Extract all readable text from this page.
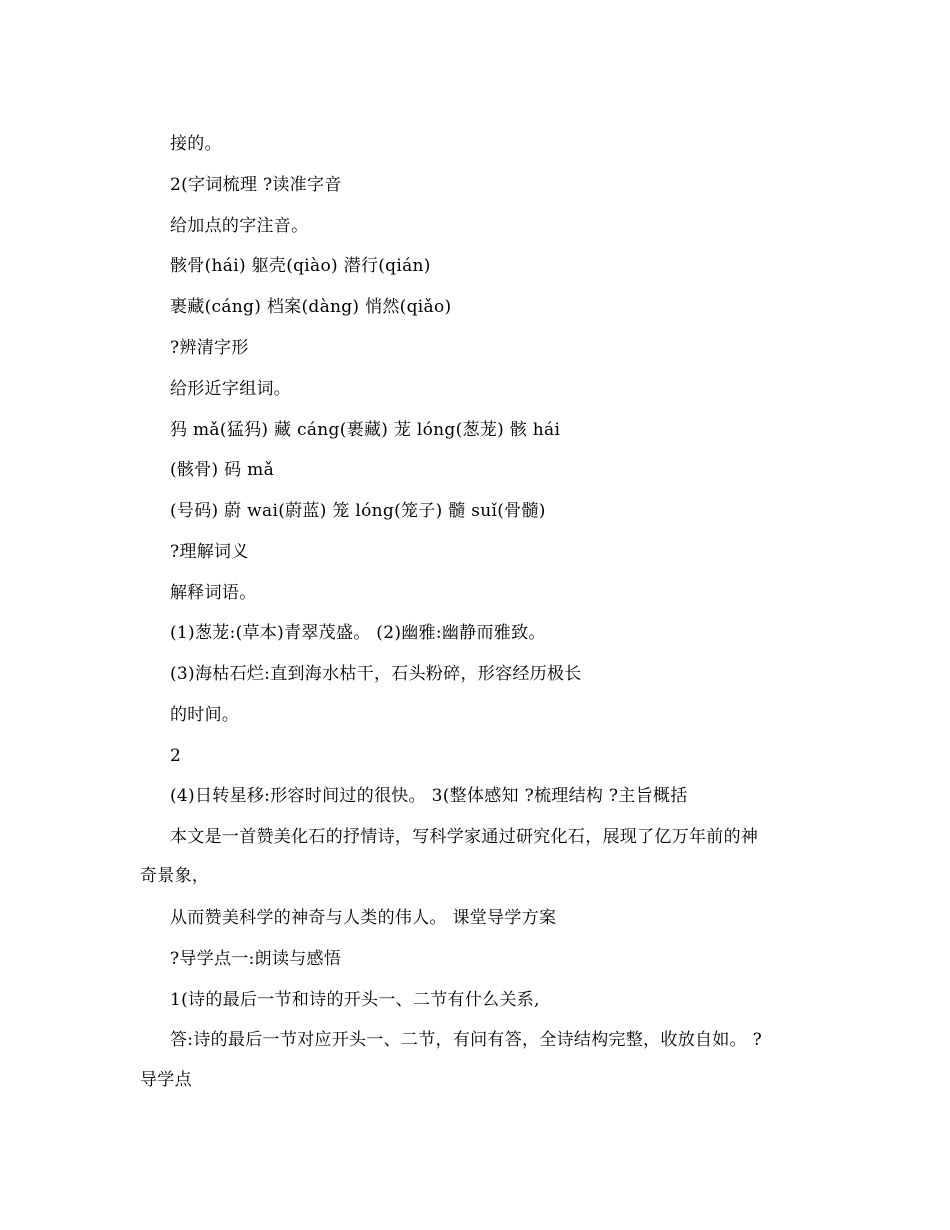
接的。
2(字词梳理 ?读准字音
给加点的字注音。
骸骨(hái) 躯壳(qiào) 潜行(qián)
裹藏(cáng) 档案(dàng) 悄然(qiǎo)
?辨清字形
给形近字组词。
犸 mǎ(猛犸) 藏 cáng(裹藏) 茏 lóng(葱茏) 骸 hái
(骸骨) 码 mǎ
(号码) 蔚 wai(蔚蓝) 笼 lóng(笼子) 髓 suǐ(骨髓)
?理解词义
解释词语。
(1)葱茏:(草本)青翠茂盛。 (2)幽雅:幽静而雅致。
(3)海枯石烂:直到海水枯干，石头粉碎，形容经历极长
的时间。
2
(4)日转星移:形容时间过的很快。 3(整体感知 ?梳理结构 ?主旨概括
本文是一首赞美化石的抒情诗，写科学家通过研究化石，展现了亿万年前的神
奇景象，
从而赞美科学的神奇与人类的伟人。 课堂导学方案
?导学点一:朗读与感悟
1(诗的最后一节和诗的开头一、二节有什么关系,
答:诗的最后一节对应开头一、二节，有问有答，全诗结构完整，收放自如。 ?
导学点
